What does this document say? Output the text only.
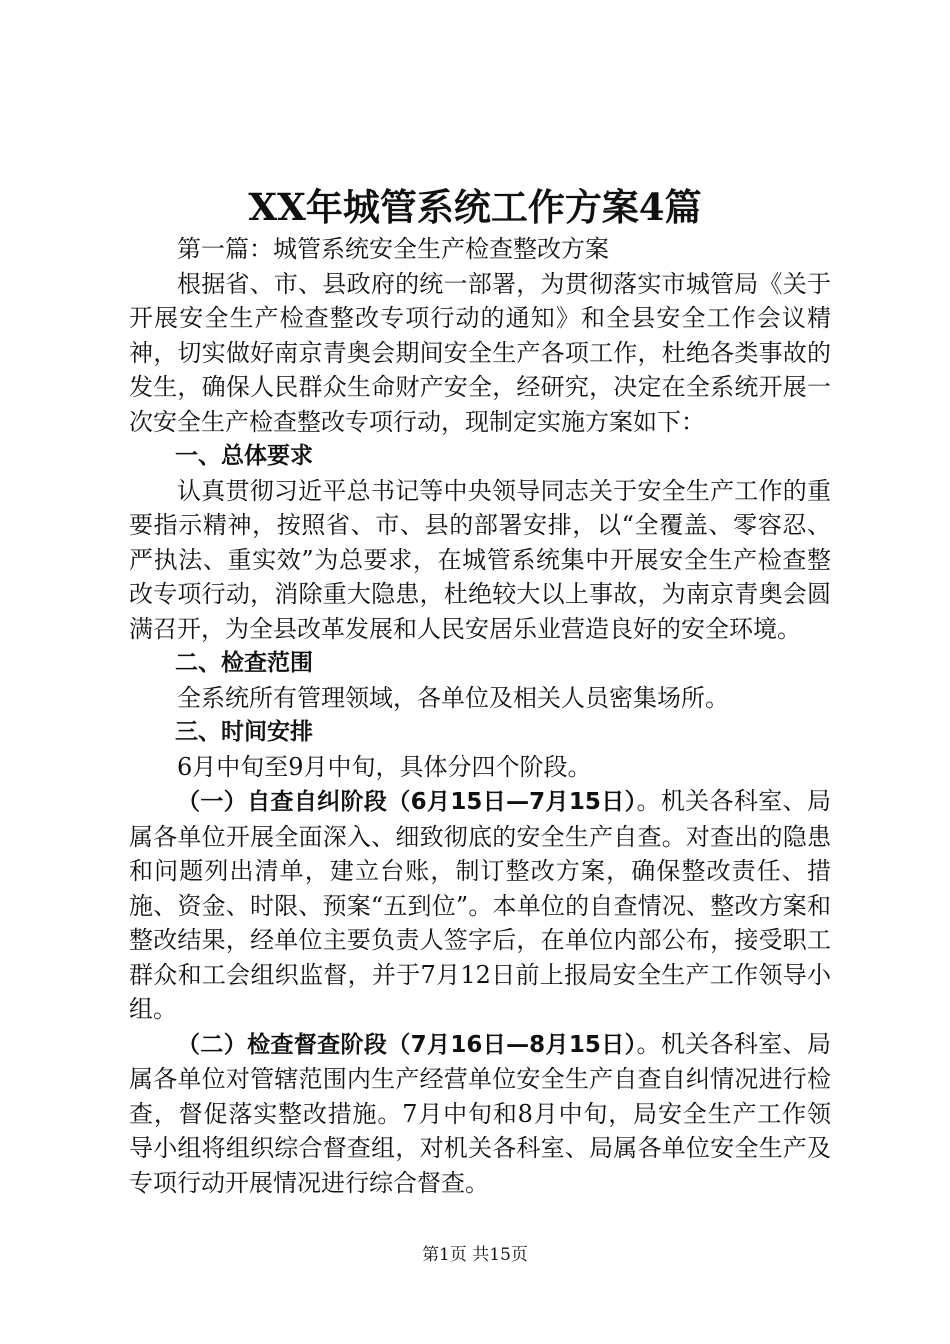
XX年城管系统工作方案4篇

第一篇：城管系统安全生产检查整改方案

根据省、市、县政府的统一部署，为贯彻落实市城管局《关于开展安全生产检查整改专项行动的通知》和全县安全工作会议精神，切实做好南京青奥会期间安全生产各项工作，杜绝各类事故的发生，确保人民群众生命财产安全，经研究，决定在全系统开展一次安全生产检查整改专项行动，现制定实施方案如下：

一、总体要求

认真贯彻习近平总书记等中央领导同志关于安全生产工作的重要指示精神，按照省、市、县的部署安排，以“全覆盖、零容忍、严执法、重实效”为总要求，在城管系统集中开展安全生产检查整改专项行动，消除重大隐患，杜绝较大以上事故，为南京青奥会圆满召开，为全县改革发展和人民安居乐业营造良好的安全环境。

二、检查范围

全系统所有管理领域，各单位及相关人员密集场所。

三、时间安排

6月中旬至9月中旬，具体分四个阶段。

（一）自查自纠阶段（6月15日—7月15日）。机关各科室、局属各单位开展全面深入、细致彻底的安全生产自查。对查出的隐患和问题列出清单，建立台账，制订整改方案，确保整改责任、措施、资金、时限、预案“五到位”。本单位的自查情况、整改方案和整改结果，经单位主要负责人签字后，在单位内部公布，接受职工群众和工会组织监督，并于7月12日前上报局安全生产工作领导小组。

（二）检查督查阶段（7月16日—8月15日）。机关各科室、局属各单位对管辖范围内生产经营单位安全生产自查自纠情况进行检查，督促落实整改措施。7月中旬和8月中旬，局安全生产工作领导小组将组织综合督查组，对机关各科室、局属各单位安全生产及专项行动开展情况进行综合督查。

第1页 共15页
